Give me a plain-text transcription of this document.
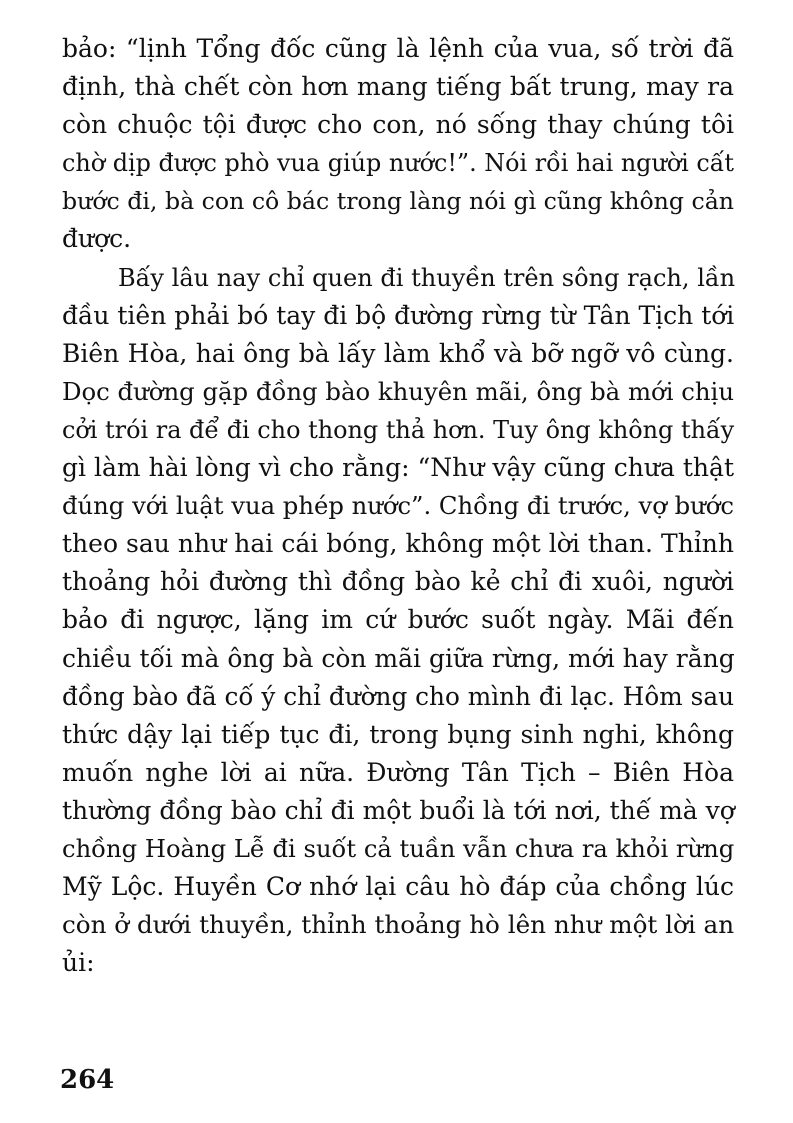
bảo: “lịnh Tổng đốc cũng là lệnh của vua, số trời đã
định, thà chết còn hơn mang tiếng bất trung, may ra
còn chuộc tội được cho con, nó sống thay chúng tôi
chờ dịp được phò vua giúp nước!”. Nói rồi hai người cất
bước đi, bà con cô bác trong làng nói gì cũng không cản
được.
Bấy lâu nay chỉ quen đi thuyền trên sông rạch, lần
đầu tiên phải bó tay đi bộ đường rừng từ Tân Tịch tới
Biên Hòa, hai ông bà lấy làm khổ và bỡ ngỡ vô cùng.
Dọc đường gặp đồng bào khuyên mãi, ông bà mới chịu
cởi trói ra để đi cho thong thả hơn. Tuy ông không thấy
gì làm hài lòng vì cho rằng: “Như vậy cũng chưa thật
đúng với luật vua phép nước”. Chồng đi trước, vợ bước
theo sau như hai cái bóng, không một lời than. Thỉnh
thoảng hỏi đường thì đồng bào kẻ chỉ đi xuôi, người
bảo đi ngược, lặng im cứ bước suốt ngày. Mãi đến
chiều tối mà ông bà còn mãi giữa rừng, mới hay rằng
đồng bào đã cố ý chỉ đường cho mình đi lạc. Hôm sau
thức dậy lại tiếp tục đi, trong bụng sinh nghi, không
muốn nghe lời ai nữa. Đường Tân Tịch – Biên Hòa
thường đồng bào chỉ đi một buổi là tới nơi, thế mà vợ
chồng Hoàng Lễ đi suốt cả tuần vẫn chưa ra khỏi rừng
Mỹ Lộc. Huyền Cơ nhớ lại câu hò đáp của chồng lúc
còn ở dưới thuyền, thỉnh thoảng hò lên như một lời an
ủi:
264
